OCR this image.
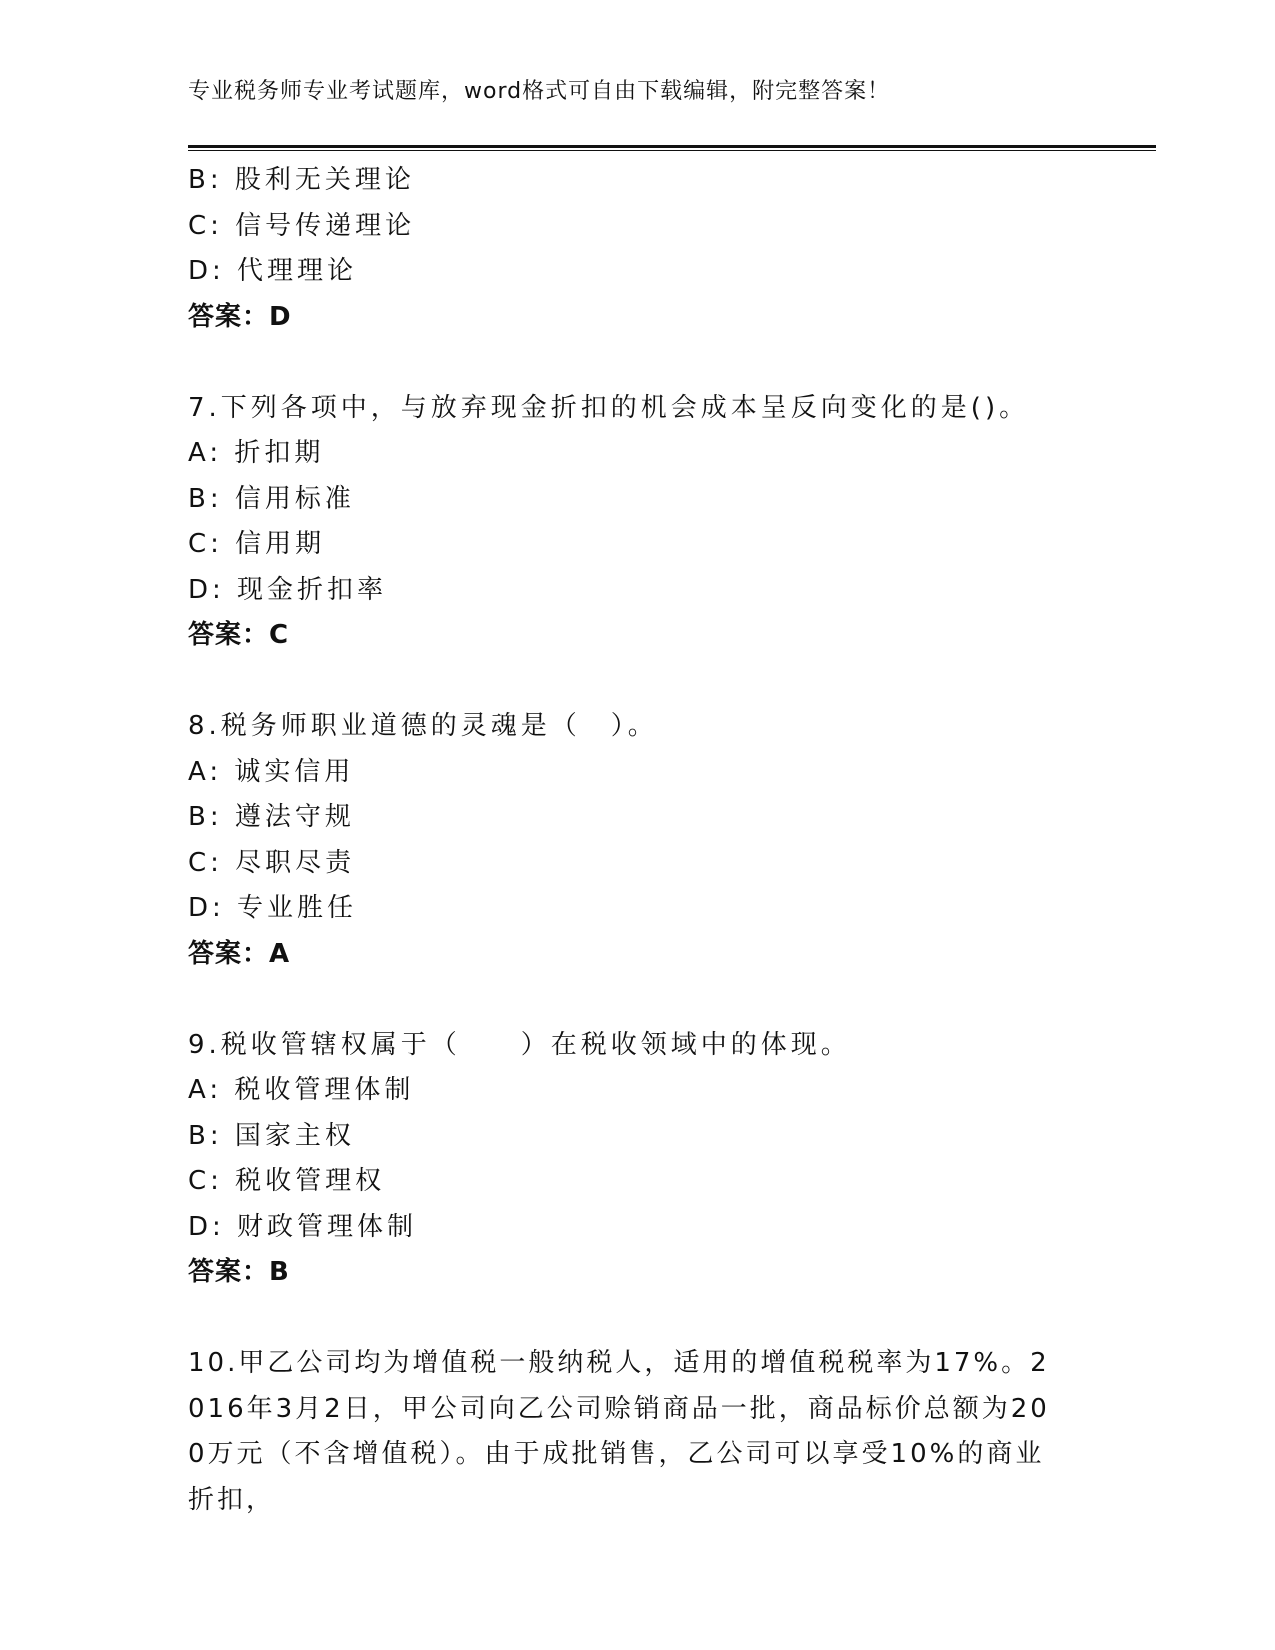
专业税务师专业考试题库，word格式可自由下载编辑，附完整答案！
B: 股利无关理论
C: 信号传递理论
D: 代理理论
答案：D
7.下列各项中，与放弃现金折扣的机会成本呈反向变化的是()。
A: 折扣期
B: 信用标准
C: 信用期
D: 现金折扣率
答案：C
8.税务师职业道德的灵魂是（　）。
A: 诚实信用
B: 遵法守规
C: 尽职尽责
D: 专业胜任
答案：A
9.税收管辖权属于（　　）在税收领域中的体现。
A: 税收管理体制
B: 国家主权
C: 税收管理权
D: 财政管理体制
答案：B
10.甲乙公司均为增值税一般纳税人，适用的增值税税率为17%。2016年3月2日，甲公司向乙公司赊销商品一批，商品标价总额为200万元（不含增值税）。由于成批销售，乙公司可以享受10%的商业折扣，
